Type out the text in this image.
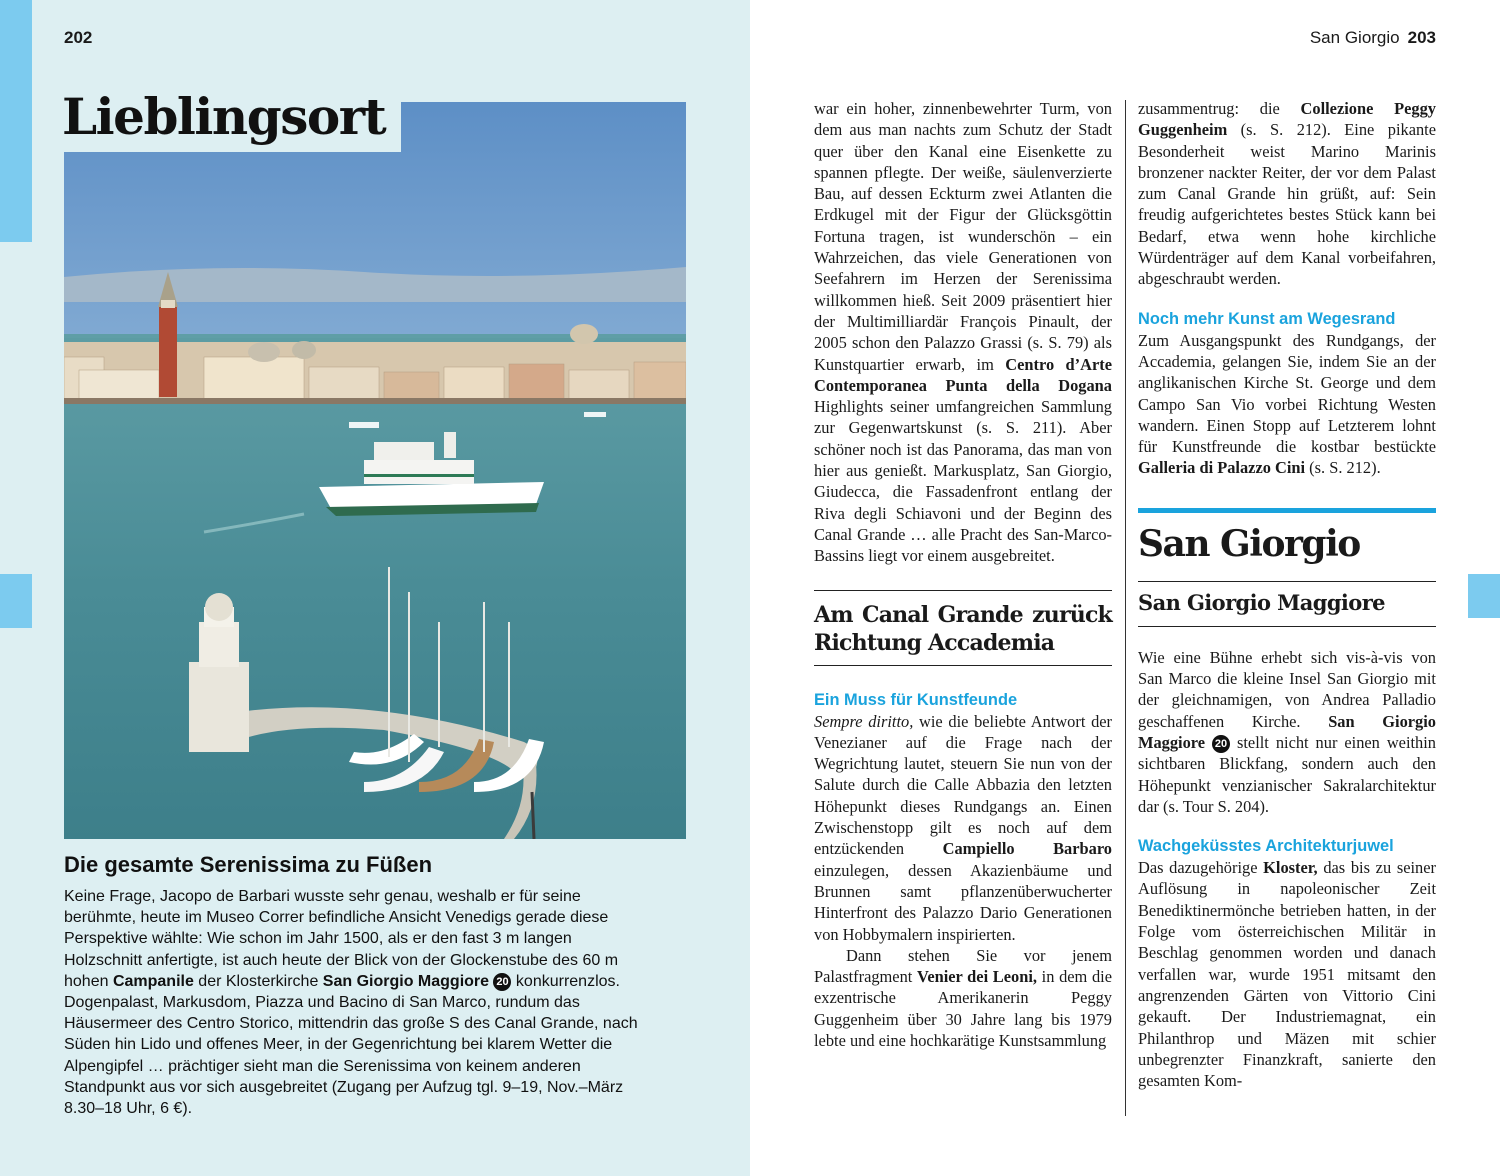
202
Lieblingsort
Die gesamte Serenissima zu Füßen
Keine Frage, Jacopo de Barbari wusste sehr genau, weshalb er für seine berühmte, heute im Museo Correr befindliche Ansicht Venedigs gerade diese Perspektive wählte: Wie schon im Jahr 1500, als er den fast 3 m langen Holzschnitt anfertigte, ist auch heute der Blick von der Glockenstube des 60 m hohen Campanile der Klosterkirche San Giorgio Maggiore 20 konkurrenzlos. Dogenpalast, Markusdom, Piazza und Bacino di San Marco, rundum das Häusermeer des Centro Storico, mittendrin das große S des Canal Grande, nach Süden hin Lido und offenes Meer, in der Gegenrichtung bei klarem Wetter die Alpengipfel … prächtiger sieht man die Serenissima von keinem anderen Standpunkt aus vor sich ausgebreitet (Zugang per Aufzug tgl. 9–19, Nov.–März 8.30–18 Uhr, 6 €).
San Giorgio 203

war ein hoher, zinnenbewehrter Turm, von dem aus man nachts zum Schutz der Stadt quer über den Kanal eine Eisenkette zu spannen pflegte. Der weiße, säulenverzierte Bau, auf dessen Eckturm zwei Atlanten die Erdkugel mit der Figur der Glücksgöttin Fortuna tragen, ist wunderschön – ein Wahrzeichen, das viele Generationen von Seefahrern im Herzen der Serenissima willkommen hieß. Seit 2009 präsentiert hier der Multimilliardär François Pinault, der 2005 schon den Palazzo Grassi (s. S. 79) als Kunstquartier erwarb, im Centro d’Arte Contemporanea Punta della Dogana Highlights seiner umfangreichen Sammlung zur Gegenwartskunst (s. S. 211). Aber schöner noch ist das Panorama, das man von hier aus genießt. Markusplatz, San Giorgio, Giudecca, die Fassadenfront entlang der Riva degli Schiavoni und der Beginn des Canal Grande … alle Pracht des San-Marco-Bassins liegt vor einem ausgebreitet.

Am Canal Grande zurück Richtung Accademia
Ein Muss für Kunstfeunde

Sempre diritto, wie die beliebte Antwort der Venezianer auf die Frage nach der Wegrichtung lautet, steuern Sie nun von der Salute durch die Calle Abbazia den letzten Höhepunkt dieses Rundgangs an. Einen Zwischenstopp gilt es noch auf dem entzückenden Campiello Barbaro einzulegen, dessen Akazienbäume und Brunnen samt pflanzenüberwucherter Hinterfront des Palazzo Dario Generationen von Hobbymalern inspirierten.

Dann stehen Sie vor jenem Palastfragment Venier dei Leoni, in dem die exzentrische Amerikanerin Peggy Guggenheim über 30 Jahre lang bis 1979 lebte und eine hochkarätige Kunstsammlung

zusammentrug: die Collezione Peggy Guggenheim (s. S. 212). Eine pikante Besonderheit weist Marino Marinis bronzener nackter Reiter, der vor dem Palast zum Canal Grande hin grüßt, auf: Sein freudig aufgerichtetes bestes Stück kann bei Bedarf, etwa wenn hohe kirchliche Würdenträger auf dem Kanal vorbeifahren, abgeschraubt werden.

Noch mehr Kunst am Wegesrand

Zum Ausgangspunkt des Rundgangs, der Accademia, gelangen Sie, indem Sie an der anglikanischen Kirche St. George und dem Campo San Vio vorbei Richtung Westen wandern. Einen Stopp auf Letzterem lohnt für Kunstfreunde die kostbar bestückte Galleria di Palazzo Cini (s. S. 212).

San Giorgio
San Giorgio Maggiore

Wie eine Bühne erhebt sich vis-à-vis von San Marco die kleine Insel San Giorgio mit der gleichnamigen, von Andrea Palladio geschaffenen Kirche. San Giorgio Maggiore 20 stellt nicht nur einen weithin sichtbaren Blickfang, sondern auch den Höhepunkt venzianischer Sakralarchitektur dar (s. Tour S. 204).

Wachgeküsstes Architekturjuwel

Das dazugehörige Kloster, das bis zu seiner Auflösung in napoleonischer Zeit Benediktinermönche betrieben hatten, in der Folge vom österreichischen Militär in Beschlag genommen worden und danach verfallen war, wurde 1951 mitsamt den angrenzenden Gärten von Vittorio Cini gekauft. Der Industriemagnat, ein Philanthrop und Mäzen mit schier unbegrenzter Finanzkraft, sanierte den gesamten Kom-
